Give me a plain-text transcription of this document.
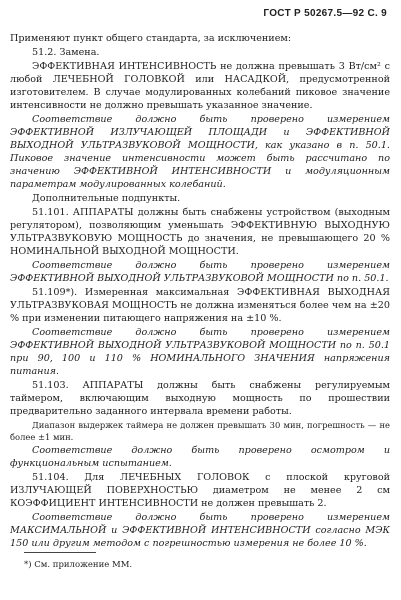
ГОСТ Р 50267.5—92 С. 9

Применяют пункт общего стандарта, за исключением:

51.2. Замена.

ЭФФЕКТИВНАЯ ИНТЕНСИВНОСТЬ не должна превышать 3 Вт/см² с любой ЛЕЧЕБНОЙ ГОЛОВКОЙ или НАСАДКОЙ, предусмотренной изготовителем. В случае модулированных колебаний пиковое значение интенсивности не должно превышать указанное значение.

Соответствие должно быть проверено измерением ЭФФЕКТИВНОЙ ИЗЛУЧАЮЩЕЙ ПЛОЩАДИ и ЭФФЕКТИВНОЙ ВЫХОДНОЙ УЛЬТРАЗВУКОВОЙ МОЩНОСТИ, как указано в п. 50.1. Пиковое значение интенсивности может быть рассчитано по значению ЭФФЕКТИВНОЙ ИНТЕНСИВНОСТИ и модуляционным параметрам модулированных колебаний.

Дополнительные подпункты.

51.101. АППАРАТЫ должны быть снабжены устройством (выходным регулятором), позволяющим уменьшать ЭФФЕКТИВНУЮ ВЫХОДНУЮ УЛЬТРАЗВУКОВУЮ МОЩНОСТЬ до значения, не превышающего 20 % НОМИНАЛЬНОЙ ВЫХОДНОЙ МОЩНОСТИ.

Соответствие должно быть проверено измерением ЭФФЕКТИВНОЙ ВЫХОДНОЙ УЛЬТРАЗВУКОВОЙ МОЩНОСТИ по п. 50.1.

51.109*). Измеренная максимальная ЭФФЕКТИВНАЯ ВЫХОДНАЯ УЛЬТРАЗВУКОВАЯ МОЩНОСТЬ не должна изменяться более чем на ±20 % при изменении питающего напряжения на ±10 %.

Соответствие должно быть проверено измерением ЭФФЕКТИВНОЙ ВЫХОДНОЙ УЛЬТРАЗВУКОВОЙ МОЩНОСТИ по п. 50.1 при 90, 100 и 110 % НОМИНАЛЬНОГО ЗНАЧЕНИЯ напряжения питания.

51.103. АППАРАТЫ должны быть снабжены регулируемым таймером, включающим выходную мощность по прошествии предварительно заданного интервала времени работы.

Диапазон выдержек таймера не должен превышать 30 мин, погрешность — не более ±1 мин.

Соответствие должно быть проверено осмотром и функциональным испытанием.

51.104. Для ЛЕЧЕБНЫХ ГОЛОВОК с плоской круговой ИЗЛУЧАЮЩЕЙ ПОВЕРХНОСТЬЮ диаметром не менее 2 см КОЭФФИЦИЕНТ ИНТЕНСИВНОСТИ не должен превышать 2.

Соответствие должно быть проверено измерением МАКСИМАЛЬНОЙ и ЭФФЕКТИВНОЙ ИНТЕНСИВНОСТИ согласно МЭК 150 или другим методом с погрешностью измерения не более 10 %.

*) См. приложение ММ.
